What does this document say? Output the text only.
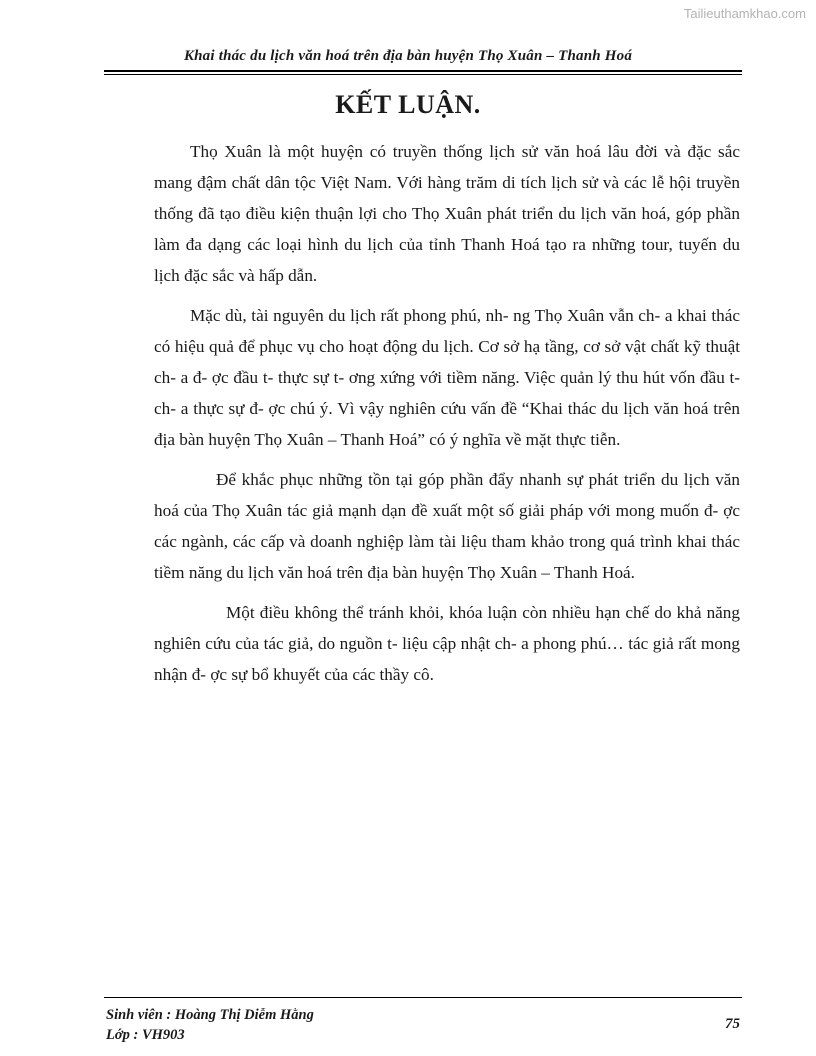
Tailieuthamkhao.com
Khai thác du lịch văn hoá trên địa bàn huyện Thọ Xuân – Thanh Hoá
KẾT LUẬN.

Thọ Xuân là một huyện có truyền thống lịch sử văn hoá lâu đời và đặc sắc mang đậm chất dân tộc Việt Nam. Với hàng trăm di tích lịch sử và các lễ hội truyền thống đã tạo điều kiện thuận lợi cho Thọ Xuân phát triển du lịch văn hoá, góp phần làm đa dạng các loại hình du lịch của tỉnh Thanh Hoá tạo ra những tour, tuyến du lịch đặc sắc và hấp dẫn.

Mặc dù, tài nguyên du lịch rất phong phú, nh- ng Thọ Xuân vẫn ch- a khai thác có hiệu quả để phục vụ cho hoạt động du lịch. Cơ sở hạ tầng, cơ sở vật chất kỹ thuật ch- a đ- ợc đầu t- thực sự t- ơng xứng với tiềm năng. Việc quản lý thu hút vốn đầu t- ch- a thực sự đ- ợc chú ý. Vì vậy nghiên cứu vấn đề “Khai thác du lịch văn hoá trên địa bàn huyện Thọ Xuân – Thanh Hoá” có ý nghĩa về mặt thực tiễn.

Để khắc phục những tồn tại góp phần đẩy nhanh sự phát triển du lịch văn hoá của Thọ Xuân tác giả mạnh dạn đề xuất một số giải pháp với mong muốn đ- ợc các ngành, các cấp và doanh nghiệp làm tài liệu tham khảo trong quá trình khai thác tiềm năng du lịch văn hoá trên địa bàn huyện Thọ Xuân – Thanh Hoá.

Một điều không thể tránh khỏi, khóa luận còn nhiều hạn chế do khả năng nghiên cứu của tác giả, do nguồn t- liệu cập nhật ch- a phong phú… tác giả rất mong nhận đ- ợc sự bổ khuyết của các thầy cô.

Sinh viên : Hoàng Thị Diễm Hằng
Lớp : VH903
75
